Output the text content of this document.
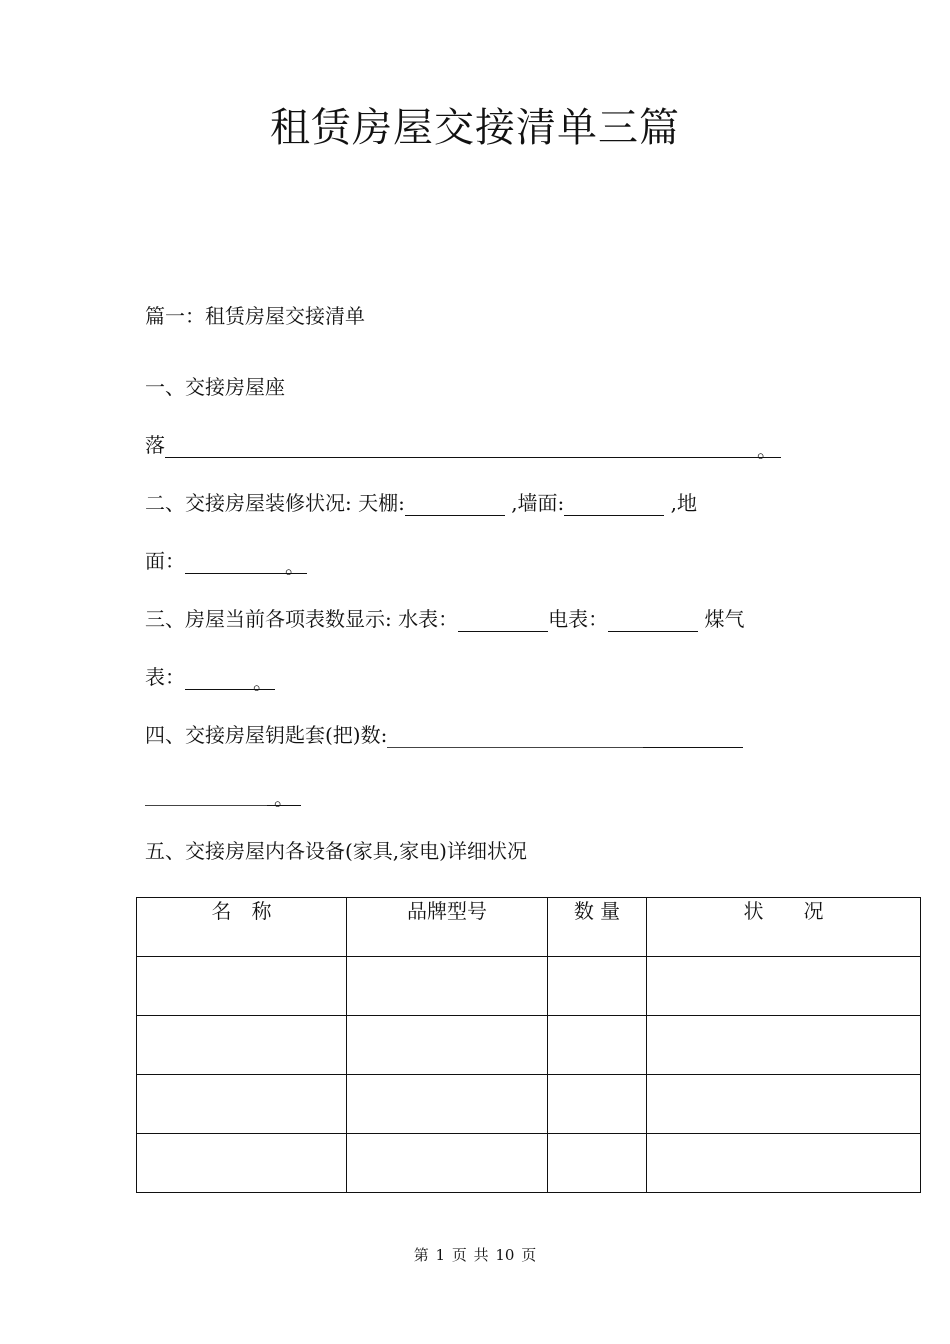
租赁房屋交接清单三篇
篇一：租赁房屋交接清单
一、交接房屋座
落	。
二、交接房屋装修状况: 天棚:	,墙面:	,地
面：	。
三、房屋当前各项表数显示: 水表：	电表：	煤气
表：	。
四、交接房屋钥匙套(把)数:
。
五、交接房屋内各设备(家具,家电)详细状况
名　称	品牌型号	数 量	状　　况

第 1 页 共 10 页
